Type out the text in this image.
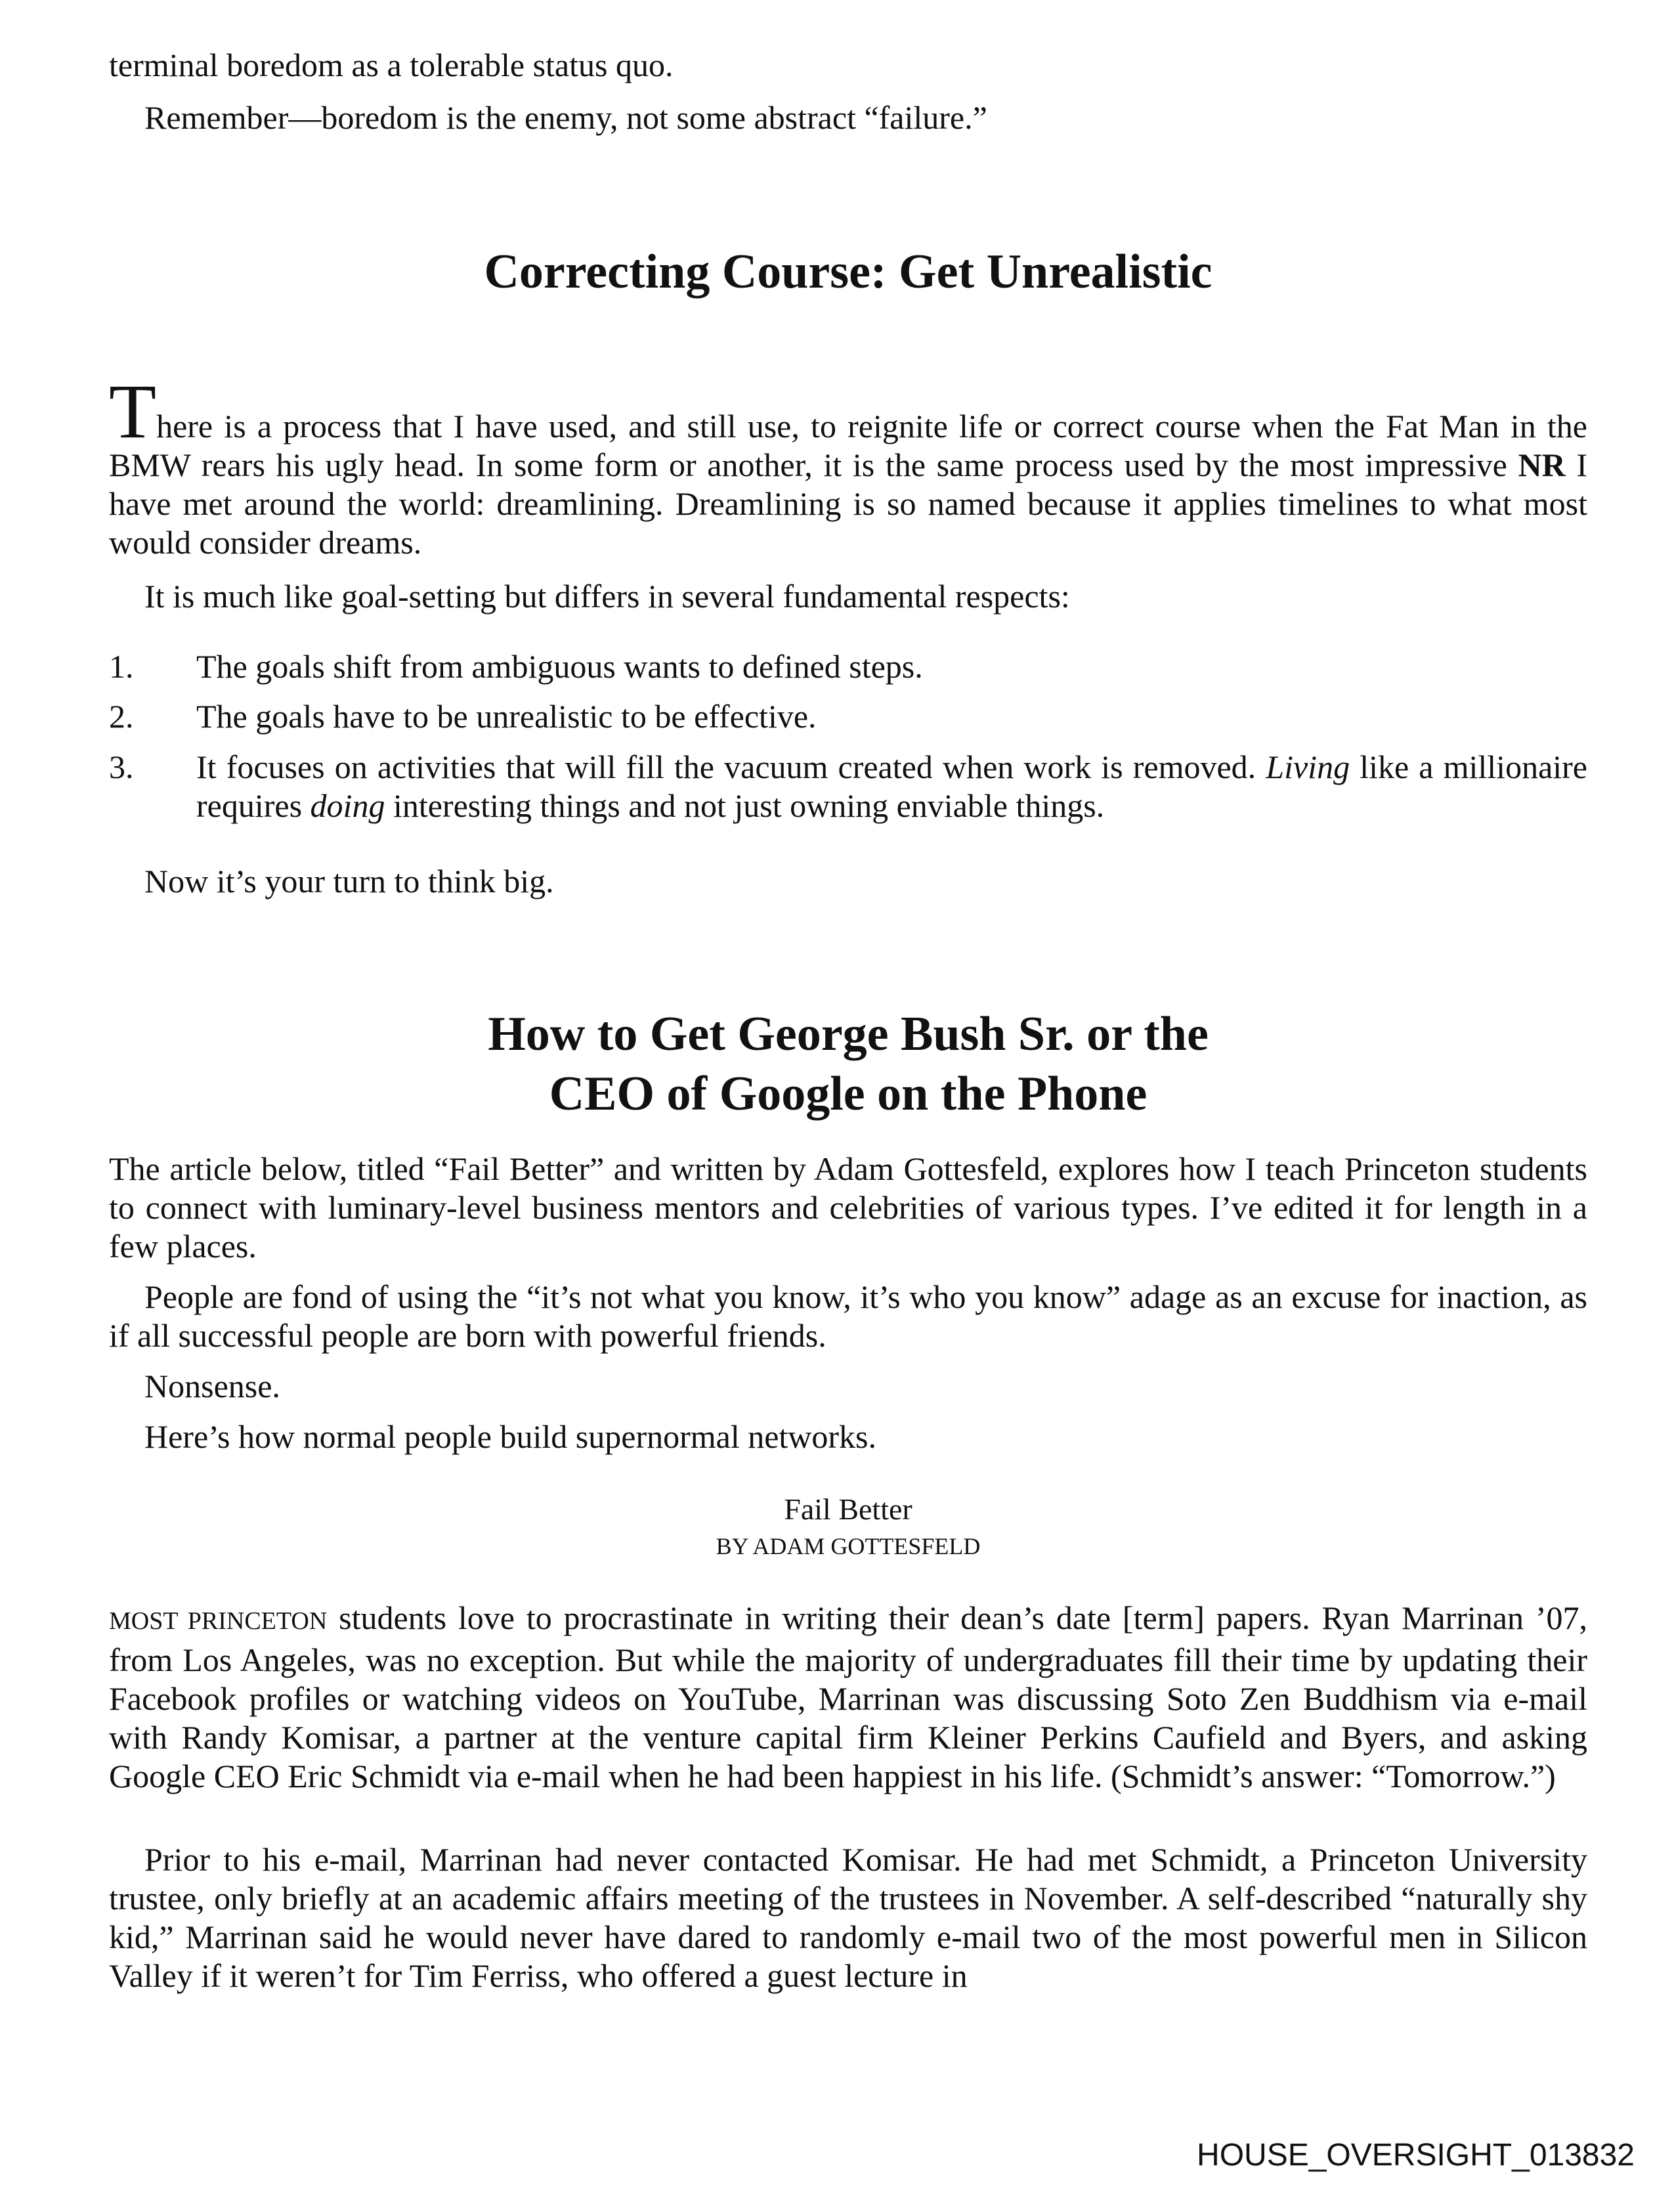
terminal boredom as a tolerable status quo.
Remember—boredom is the enemy, not some abstract “failure.”
Correcting Course: Get Unrealistic
There is a process that I have used, and still use, to reignite life or correct course when the Fat Man in the BMW rears his ugly head. In some form or another, it is the same process used by the most impressive NR I have met around the world: dreamlining. Dreamlining is so named because it applies timelines to what most would consider dreams.
It is much like goal-setting but differs in several fundamental respects:
1. The goals shift from ambiguous wants to defined steps.
2. The goals have to be unrealistic to be effective.
3. It focuses on activities that will fill the vacuum created when work is removed. Living like a millionaire requires doing interesting things and not just owning enviable things.
Now it’s your turn to think big.
How to Get George Bush Sr. or the
CEO of Google on the Phone
The article below, titled “Fail Better” and written by Adam Gottesfeld, explores how I teach Princeton students to connect with luminary-level business mentors and celebrities of various types. I’ve edited it for length in a few places.
People are fond of using the “it’s not what you know, it’s who you know” adage as an excuse for inaction, as if all successful people are born with powerful friends.
Nonsense.
Here’s how normal people build supernormal networks.
Fail Better
BY ADAM GOTTESFELD
MOST PRINCETON students love to procrastinate in writing their dean’s date [term] papers. Ryan Marrinan ’07, from Los Angeles, was no exception. But while the majority of undergraduates fill their time by updating their Facebook profiles or watching videos on YouTube, Marrinan was discussing Soto Zen Buddhism via e-mail with Randy Komisar, a partner at the venture capital firm Kleiner Perkins Caufield and Byers, and asking Google CEO Eric Schmidt via e-mail when he had been happiest in his life. (Schmidt’s answer: “Tomorrow.”)
Prior to his e-mail, Marrinan had never contacted Komisar. He had met Schmidt, a Princeton University trustee, only briefly at an academic affairs meeting of the trustees in November. A self-described “naturally shy kid,” Marrinan said he would never have dared to randomly e-mail two of the most powerful men in Silicon Valley if it weren’t for Tim Ferriss, who offered a guest lecture in
HOUSE_OVERSIGHT_013832
